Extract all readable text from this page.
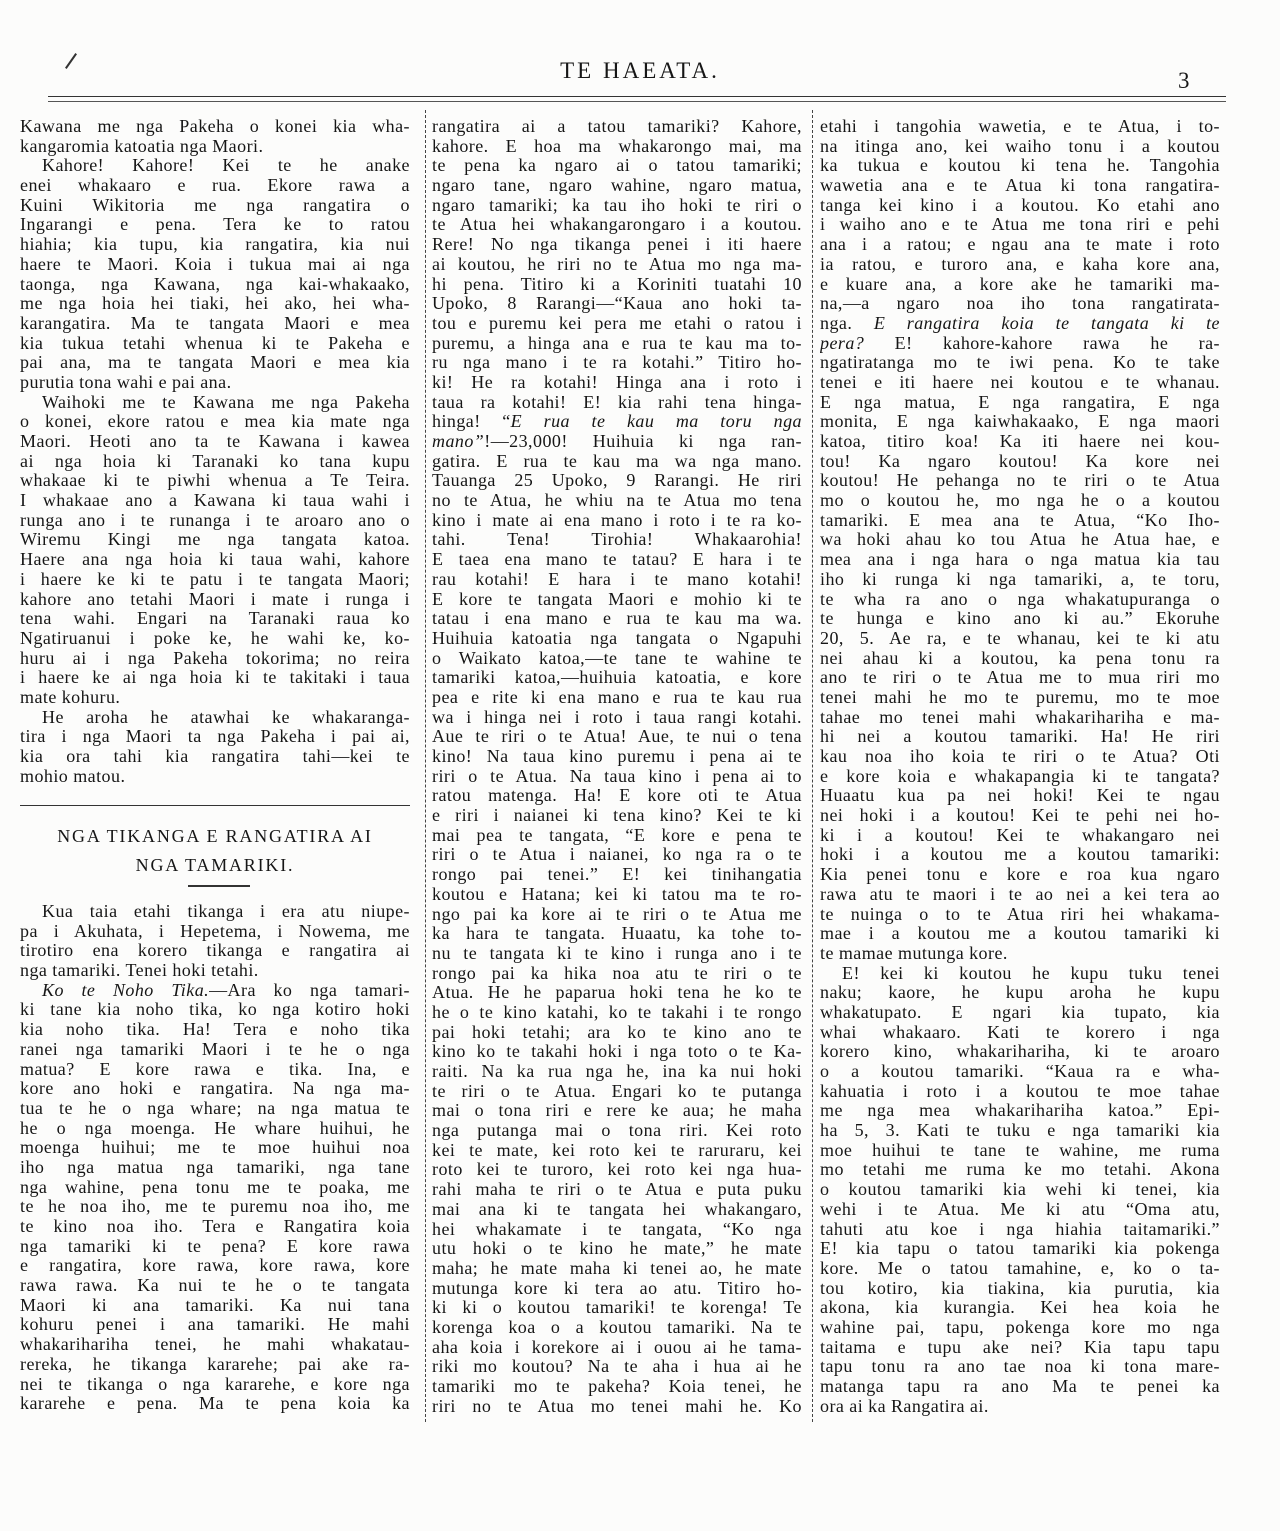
TE HAEATA.	3
Kawana me nga Pakeha o konei kia wha-
kangaromia katoatia nga Maori.
Kahore! Kahore! Kei te he anake
enei whakaaro e rua. Ekore rawa a
Kuini Wikitoria me nga rangatira o
Ingarangi e pena. Tera ke to ratou
hiahia; kia tupu, kia rangatira, kia nui
haere te Maori. Koia i tukua mai ai nga
taonga, nga Kawana, nga kai-whakaako,
me nga hoia hei tiaki, hei ako, hei wha-
karangatira. Ma te tangata Maori e mea
kia tukua tetahi whenua ki te Pakeha e
pai ana, ma te tangata Maori e mea kia
purutia tona wahi e pai ana.
Waihoki me te Kawana me nga Pakeha
o konei, ekore ratou e mea kia mate nga
Maori. Heoti ano ta te Kawana i kawea
ai nga hoia ki Taranaki ko tana kupu
whakaae ki te piwhi whenua a Te Teira.
I whakaae ano a Kawana ki taua wahi i
runga ano i te runanga i te aroaro ano o
Wiremu Kingi me nga tangata katoa.
Haere ana nga hoia ki taua wahi, kahore
i haere ke ki te patu i te tangata Maori;
kahore ano tetahi Maori i mate i runga i
tena wahi. Engari na Taranaki raua ko
Ngatiruanui i poke ke, he wahi ke, ko-
huru ai i nga Pakeha tokorima; no reira
i haere ke ai nga hoia ki te takitaki i taua
mate kohuru.
He aroha he atawhai ke whakaranga-
tira i nga Maori ta nga Pakeha i pai ai,
kia ora tahi kia rangatira tahi—kei te
mohio matou.
NGA TIKANGA E RANGATIRA AI
NGA TAMARIKI.
Kua taia etahi tikanga i era atu niupe-
pa i Akuhata, i Hepetema, i Nowema, me
tirotiro ena korero tikanga e rangatira ai
nga tamariki. Tenei hoki tetahi.
Ko te Noho Tika.—Ara ko nga tamari-
ki tane kia noho tika, ko nga kotiro hoki
kia noho tika. Ha! Tera e noho tika
ranei nga tamariki Maori i te he o nga
matua? E kore rawa e tika. Ina, e
kore ano hoki e rangatira. Na nga ma-
tua te he o nga whare; na nga matua te
he o nga moenga. He whare huihui, he
moenga huihui; me te moe huihui noa
iho nga matua nga tamariki, nga tane
nga wahine, pena tonu me te poaka, me
te he noa iho, me te puremu noa iho, me
te kino noa iho. Tera e Rangatira koia
nga tamariki ki te pena? E kore rawa
e rangatira, kore rawa, kore rawa, kore
rawa rawa. Ka nui te he o te tangata
Maori ki ana tamariki. Ka nui tana
kohuru penei i ana tamariki. He mahi
whakarihariha tenei, he mahi whakatau-
rereka, he tikanga kararehe; pai ake ra-
nei te tikanga o nga kararehe, e kore nga
kararehe e pena. Ma te pena koia ka
rangatira ai a tatou tamariki? Kahore,
kahore. E hoa ma whakarongo mai, ma
te pena ka ngaro ai o tatou tamariki;
ngaro tane, ngaro wahine, ngaro matua,
ngaro tamariki; ka tau iho hoki te riri o
te Atua hei whakangarongaro i a koutou.
Rere! No nga tikanga penei i iti haere
ai koutou, he riri no te Atua mo nga ma-
hi pena. Titiro ki a Koriniti tuatahi 10
Upoko, 8 Rarangi—“Kaua ano hoki ta-
tou e puremu kei pera me etahi o ratou i
puremu, a hinga ana e rua te kau ma to-
ru nga mano i te ra kotahi.” Titiro ho-
ki! He ra kotahi! Hinga ana i roto i
taua ra kotahi! E! kia rahi tena hinga-
hinga! “E rua te kau ma toru nga
mano”!—23,000! Huihuia ki nga ran-
gatira. E rua te kau ma wa nga mano.
Tauanga 25 Upoko, 9 Rarangi. He riri
no te Atua, he whiu na te Atua mo tena
kino i mate ai ena mano i roto i te ra ko-
tahi. Tena! Tirohia! Whakaarohia!
E taea ena mano te tatau? E hara i te
rau kotahi! E hara i te mano kotahi!
E kore te tangata Maori e mohio ki te
tatau i ena mano e rua te kau ma wa.
Huihuia katoatia nga tangata o Ngapuhi
o Waikato katoa,—te tane te wahine te
tamariki katoa,—huihuia katoatia, e kore
pea e rite ki ena mano e rua te kau rua
wa i hinga nei i roto i taua rangi kotahi.
Aue te riri o te Atua! Aue, te nui o tena
kino! Na taua kino puremu i pena ai te
riri o te Atua. Na taua kino i pena ai to
ratou matenga. Ha! E kore oti te Atua
e riri i naianei ki tena kino? Kei te ki
mai pea te tangata, “E kore e pena te
riri o te Atua i naianei, ko nga ra o te
rongo pai tenei.” E! kei tinihangatia
koutou e Hatana; kei ki tatou ma te ro-
ngo pai ka kore ai te riri o te Atua me
ka hara te tangata. Huaatu, ka tohe to-
nu te tangata ki te kino i runga ano i te
rongo pai ka hika noa atu te riri o te
Atua. He he paparua hoki tena he ko te
he o te kino katahi, ko te takahi i te rongo
pai hoki tetahi; ara ko te kino ano te
kino ko te takahi hoki i nga toto o te Ka-
raiti. Na ka rua nga he, ina ka nui hoki
te riri o te Atua. Engari ko te putanga
mai o tona riri e rere ke aua; he maha
nga putanga mai o tona riri. Kei roto
kei te mate, kei roto kei te raruraru, kei
roto kei te turoro, kei roto kei nga hua-
rahi maha te riri o te Atua e puta puku
mai ana ki te tangata hei whakangaro,
hei whakamate i te tangata, “Ko nga
utu hoki o te kino he mate,” he mate
maha; he mate maha ki tenei ao, he mate
mutunga kore ki tera ao atu. Titiro ho-
ki ki o koutou tamariki! te korenga! Te
korenga koa o a koutou tamariki. Na te
aha koia i korekore ai i ouou ai he tama-
riki mo koutou? Na te aha i hua ai he
tamariki mo te pakeha? Koia tenei, he
riri no te Atua mo tenei mahi he. Ko
etahi i tangohia wawetia, e te Atua, i to-
na itinga ano, kei waiho tonu i a koutou
ka tukua e koutou ki tena he. Tangohia
wawetia ana e te Atua ki tona rangatira-
tanga kei kino i a koutou. Ko etahi ano
i waiho ano e te Atua me tona riri e pehi
ana i a ratou; e ngau ana te mate i roto
ia ratou, e turoro ana, e kaha kore ana,
e kuare ana, a kore ake he tamariki ma-
na,—a ngaro noa iho tona rangatirata-
nga. E rangatira koia te tangata ki te
pera? E! kahore-kahore rawa he ra-
ngatiratanga mo te iwi pena. Ko te take
tenei e iti haere nei koutou e te whanau.
E nga matua, E nga rangatira, E nga
monita, E nga kaiwhakaako, E nga maori
katoa, titiro koa! Ka iti haere nei kou-
tou! Ka ngaro koutou! Ka kore nei
koutou! He pehanga no te riri o te Atua
mo o koutou he, mo nga he o a koutou
tamariki. E mea ana te Atua, “Ko Iho-
wa hoki ahau ko tou Atua he Atua hae, e
mea ana i nga hara o nga matua kia tau
iho ki runga ki nga tamariki, a, te toru,
te wha ra ano o nga whakatupuranga o
te hunga e kino ano ki au.” Ekoruhe
20, 5. Ae ra, e te whanau, kei te ki atu
nei ahau ki a koutou, ka pena tonu ra
ano te riri o te Atua me to mua riri mo
tenei mahi he mo te puremu, mo te moe
tahae mo tenei mahi whakarihariha e ma-
hi nei a koutou tamariki. Ha! He riri
kau noa iho koia te riri o te Atua? Oti
e kore koia e whakapangia ki te tangata?
Huaatu kua pa nei hoki! Kei te ngau
nei hoki i a koutou! Kei te pehi nei ho-
ki i a koutou! Kei te whakangaro nei
hoki i a koutou me a koutou tamariki:
Kia penei tonu e kore e roa kua ngaro
rawa atu te maori i te ao nei a kei tera ao
te nuinga o to te Atua riri hei whakama-
mae i a koutou me a koutou tamariki ki
te mamae mutunga kore.
E! kei ki koutou he kupu tuku tenei
naku; kaore, he kupu aroha he kupu
whakatupato. E ngari kia tupato, kia
whai whakaaro. Kati te korero i nga
korero kino, whakarihariha, ki te aroaro
o a koutou tamariki. “Kaua ra e wha-
kahuatia i roto i a koutou te moe tahae
me nga mea whakarihariha katoa.” Epi-
ha 5, 3. Kati te tuku e nga tamariki kia
moe huihui te tane te wahine, me ruma
mo tetahi me ruma ke mo tetahi. Akona
o koutou tamariki kia wehi ki tenei, kia
wehi i te Atua. Me ki atu “Oma atu,
tahuti atu koe i nga hiahia taitamariki.”
E! kia tapu o tatou tamariki kia pokenga
kore. Me o tatou tamahine, e, ko o ta-
tou kotiro, kia tiakina, kia purutia, kia
akona, kia kurangia. Kei hea koia he
wahine pai, tapu, pokenga kore mo nga
taitama e tupu ake nei? Kia tapu tapu
tapu tonu ra ano tae noa ki tona mare-
matanga tapu ra ano Ma te penei ka
ora ai ka Rangatira ai.
